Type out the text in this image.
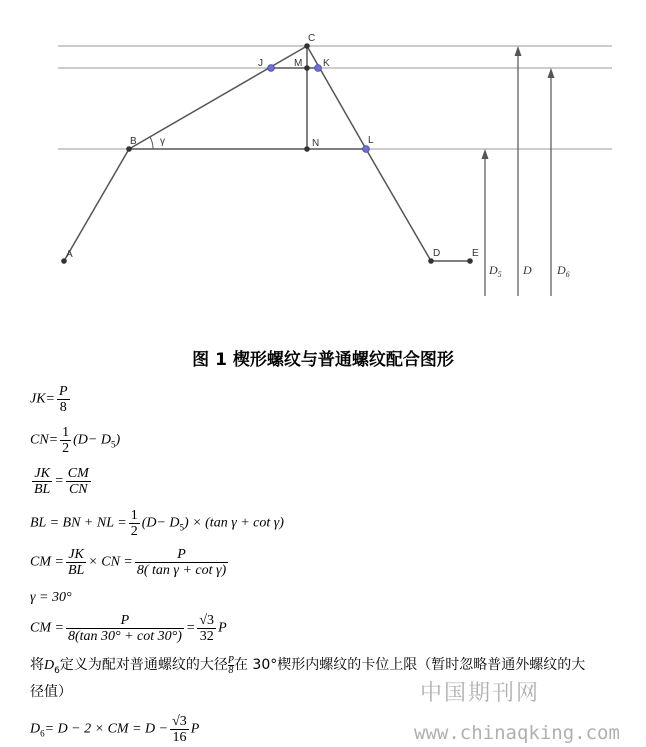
γ
$D_5$ D $D_6$
A
B
C
J	M K
N	L
D	E
图 1 楔形螺纹与普通螺纹配合图形
$JK= \frac{P}{8}$
$CN= \frac{1}{2} (D- D_5)$
$\frac{JK}{BL} = \frac{CM}{CN}$
BL = BN + NL = $\frac{1}{2} (D- D_5) \times (\tan$ γ + cot γ)
CM = $\frac{JK}{BL}$ × CN = $\frac{P}{\text{8( tan γ + cot γ)}}$
γ = 30°
CM = $\frac{P}{8(\tan 30^\circ + \cot 30^\circ)} = \frac{√3}{32}$ P
将$D_6$定义为配对普通螺纹的大径 $\frac{P}{8}$ 在 30°楔形内螺纹的卡位上限（暂时忽略普通外螺纹的大
径值）
$D_6= D - 2$ × CM = $D - \frac{√3}{16}$ P
中国期刊网
www.chinaqking.com
